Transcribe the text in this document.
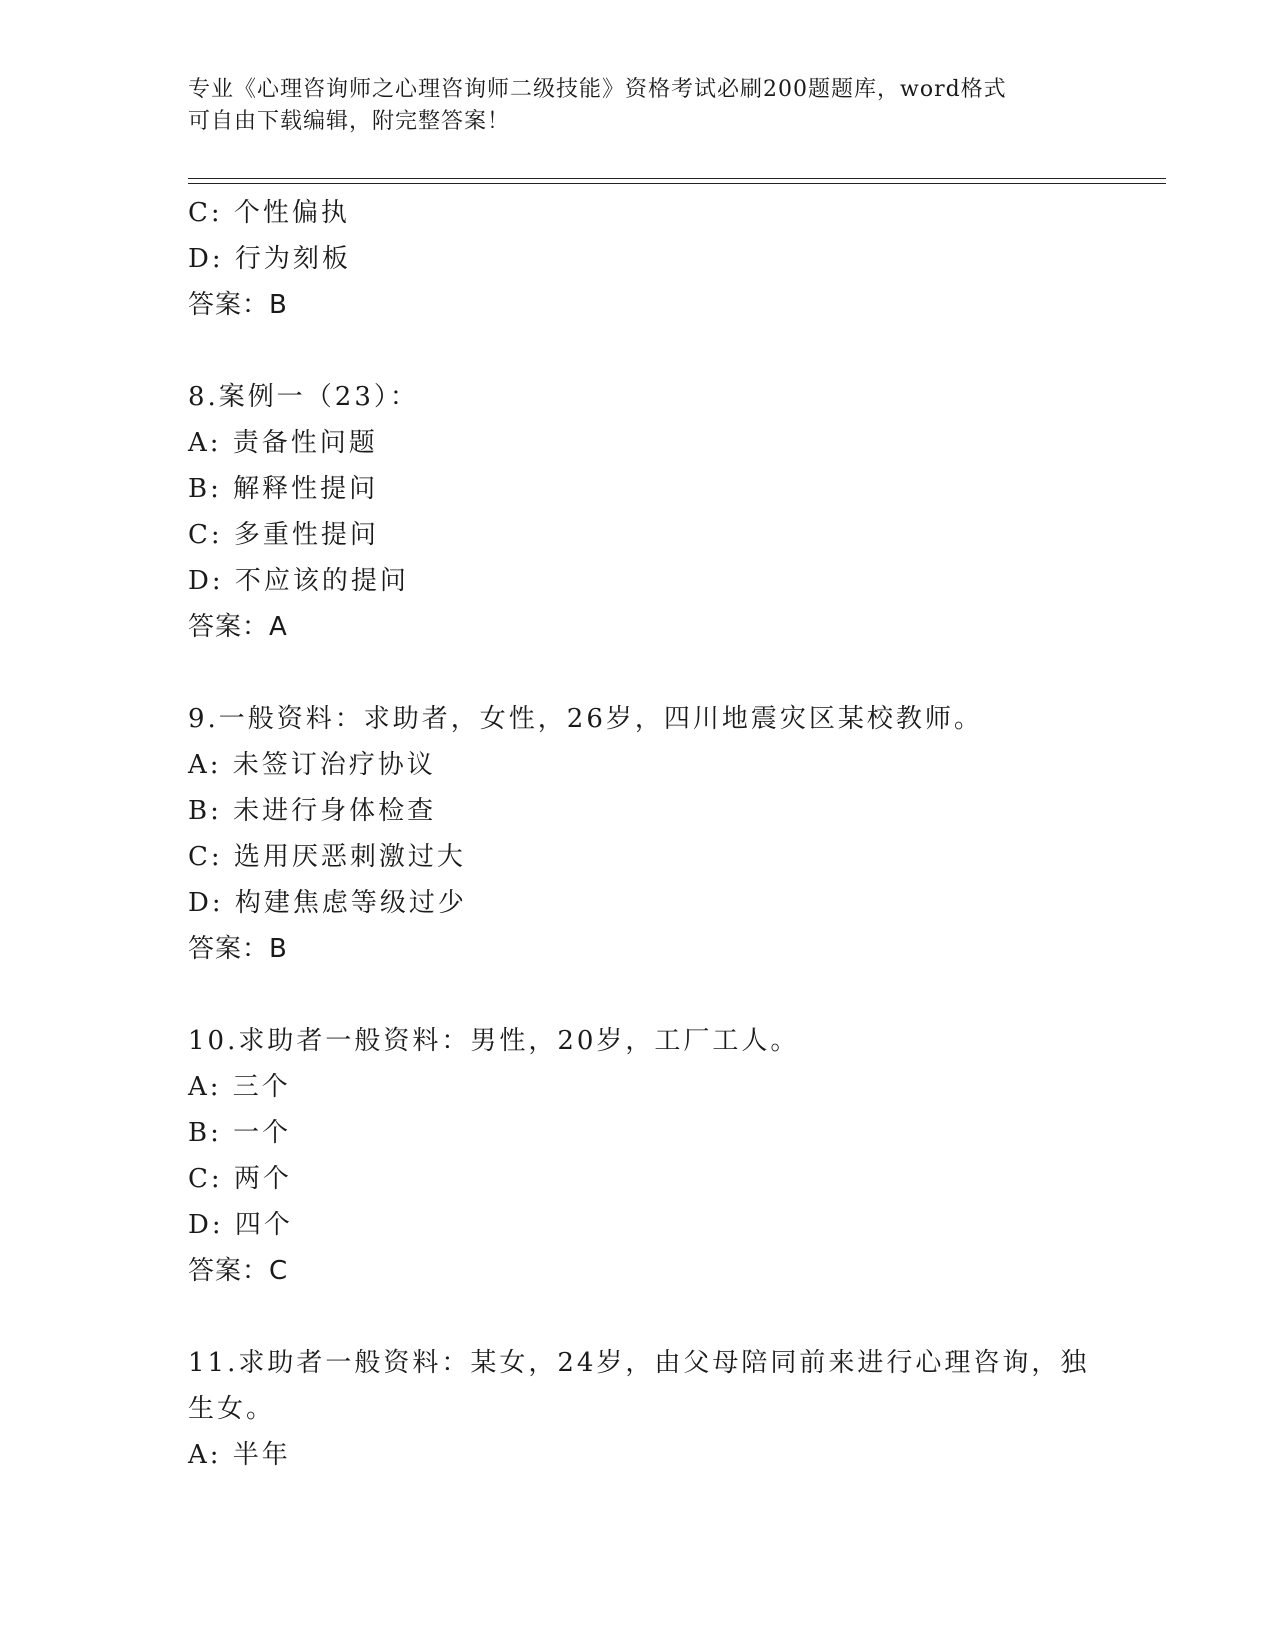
专业《心理咨询师之心理咨询师二级技能》资格考试必刷200题题库，word格式
可自由下载编辑，附完整答案！
C: 个性偏执
D: 行为刻板
答案：B
8.案例一（23）：
A: 责备性问题
B: 解释性提问
C: 多重性提问
D: 不应该的提问
答案：A
9.一般资料：求助者，女性，26岁，四川地震灾区某校教师。
A: 未签订治疗协议
B: 未进行身体检查
C: 选用厌恶刺激过大
D: 构建焦虑等级过少
答案：B
10.求助者一般资料：男性，20岁，工厂工人。
A: 三个
B: 一个
C: 两个
D: 四个
答案：C
11.求助者一般资料：某女，24岁，由父母陪同前来进行心理咨询，独
生女。
A: 半年
